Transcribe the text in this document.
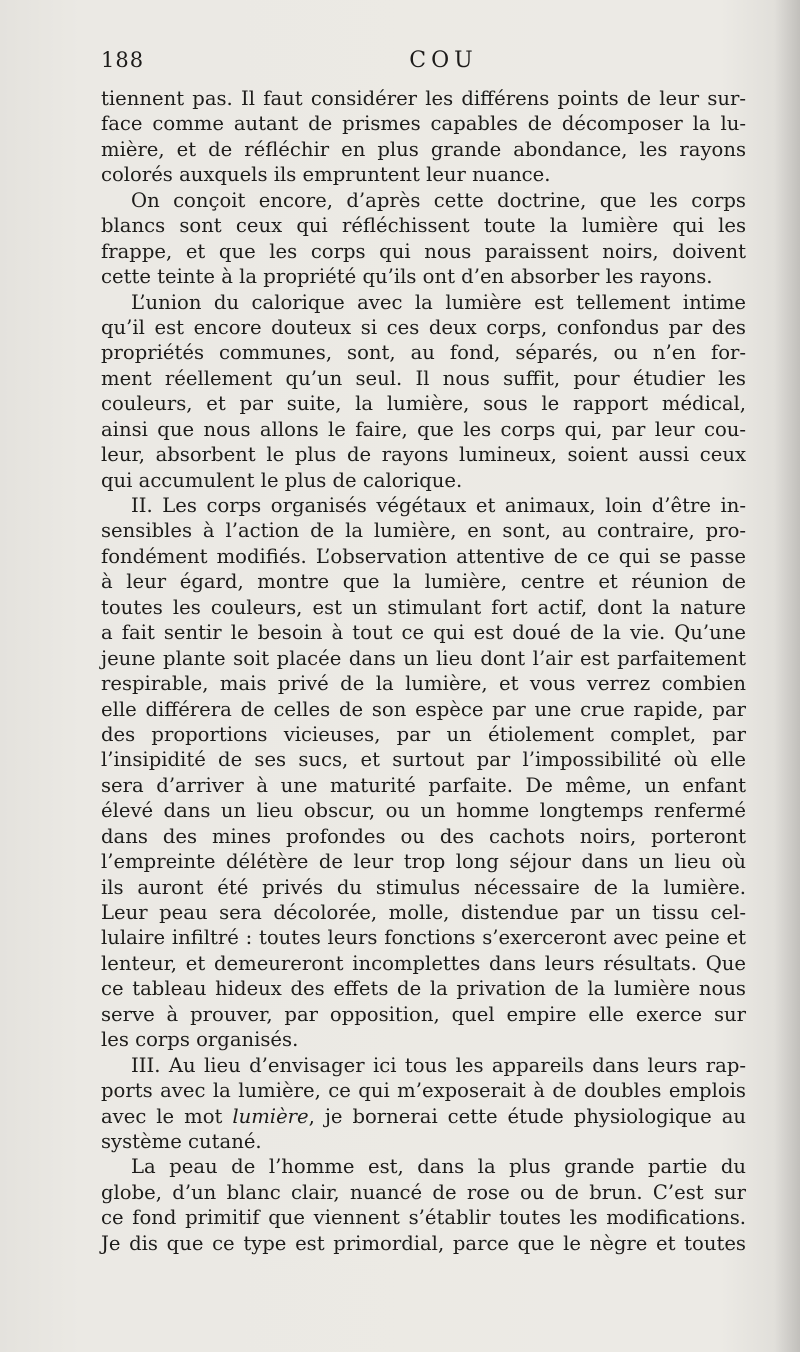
188	COU
tiennent pas. Il faut considérer les différens points de leur sur-
face comme autant de prismes capables de décomposer la lu-
mière, et de réfléchir en plus grande abondance, les rayons
colorés auxquels ils empruntent leur nuance.
On conçoit encore, d’après cette doctrine, que les corps
blancs sont ceux qui réfléchissent toute la lumière qui les
frappe, et que les corps qui nous paraissent noirs, doivent
cette teinte à la propriété qu’ils ont d’en absorber les rayons.
L’union du calorique avec la lumière est tellement intime
qu’il est encore douteux si ces deux corps, confondus par des
propriétés communes, sont, au fond, séparés, ou n’en for-
ment réellement qu’un seul. Il nous suffit, pour étudier les
couleurs, et par suite, la lumière, sous le rapport médical,
ainsi que nous allons le faire, que les corps qui, par leur cou-
leur, absorbent le plus de rayons lumineux, soient aussi ceux
qui accumulent le plus de calorique.
II. Les corps organisés végétaux et animaux, loin d’être in-
sensibles à l’action de la lumière, en sont, au contraire, pro-
fondément modifiés. L’observation attentive de ce qui se passe
à leur égard, montre que la lumière, centre et réunion de
toutes les couleurs, est un stimulant fort actif, dont la nature
a fait sentir le besoin à tout ce qui est doué de la vie. Qu’une
jeune plante soit placée dans un lieu dont l’air est parfaitement
respirable, mais privé de la lumière, et vous verrez combien
elle différera de celles de son espèce par une crue rapide, par
des proportions vicieuses, par un étiolement complet, par
l’insipidité de ses sucs, et surtout par l’impossibilité où elle
sera d’arriver à une maturité parfaite. De même, un enfant
élevé dans un lieu obscur, ou un homme longtemps renfermé
dans des mines profondes ou des cachots noirs, porteront
l’empreinte délétère de leur trop long séjour dans un lieu où
ils auront été privés du stimulus nécessaire de la lumière.
Leur peau sera décolorée, molle, distendue par un tissu cel-
lulaire infiltré : toutes leurs fonctions s’exerceront avec peine et
lenteur, et demeureront incomplettes dans leurs résultats. Que
ce tableau hideux des effets de la privation de la lumière nous
serve à prouver, par opposition, quel empire elle exerce sur
les corps organisés.
III. Au lieu d’envisager ici tous les appareils dans leurs rap-
ports avec la lumière, ce qui m’exposerait à de doubles emplois
avec le mot lumière, je bornerai cette étude physiologique au
système cutané.
La peau de l’homme est, dans la plus grande partie du
globe, d’un blanc clair, nuancé de rose ou de brun. C’est sur
ce fond primitif que viennent s’établir toutes les modifications.
Je dis que ce type est primordial, parce que le nègre et toutes
